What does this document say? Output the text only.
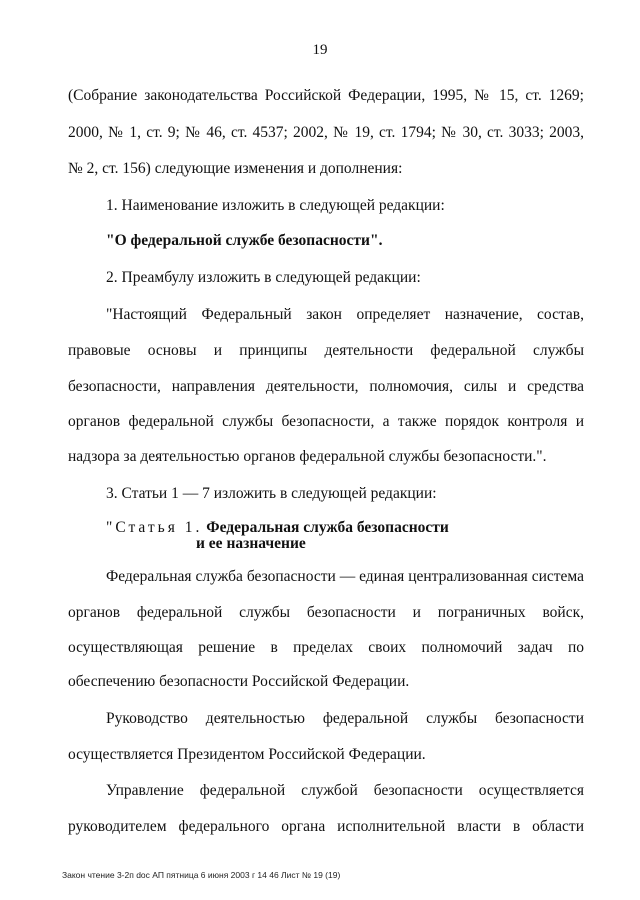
19
(Собрание законодательства Российской Федерации, 1995, № 15, ст. 1269;
2000, № 1, ст. 9; № 46, ст. 4537; 2002, № 19, ст. 1794; № 30, ст. 3033; 2003,
№ 2, ст. 156) следующие изменения и дополнения:
1. Наименование изложить в следующей редакции:
"О федеральной службе безопасности".
2. Преамбулу изложить в следующей редакции:
"Настоящий Федеральный закон определяет назначение, состав,
правовые основы и принципы деятельности федеральной службы
безопасности, направления деятельности, полномочия, силы и средства
органов федеральной службы безопасности, а также порядок контроля и
надзора за деятельностью органов федеральной службы безопасности.".
3. Статьи 1 — 7 изложить в следующей редакции:
"Статья 1. Федеральная служба безопасности
и ее назначение
Федеральная служба безопасности — единая централизованная система
органов федеральной службы безопасности и пограничных войск,
осуществляющая решение в пределах своих полномочий задач по
обеспечению безопасности Российской Федерации.
Руководство деятельностью федеральной службы безопасности
осуществляется Президентом Российской Федерации.
Управление федеральной службой безопасности осуществляется
руководителем федерального органа исполнительной власти в области
Закон чтение 3-2п doc АП пятница 6 июня 2003 г 14 46 Лист № 19 (19)
